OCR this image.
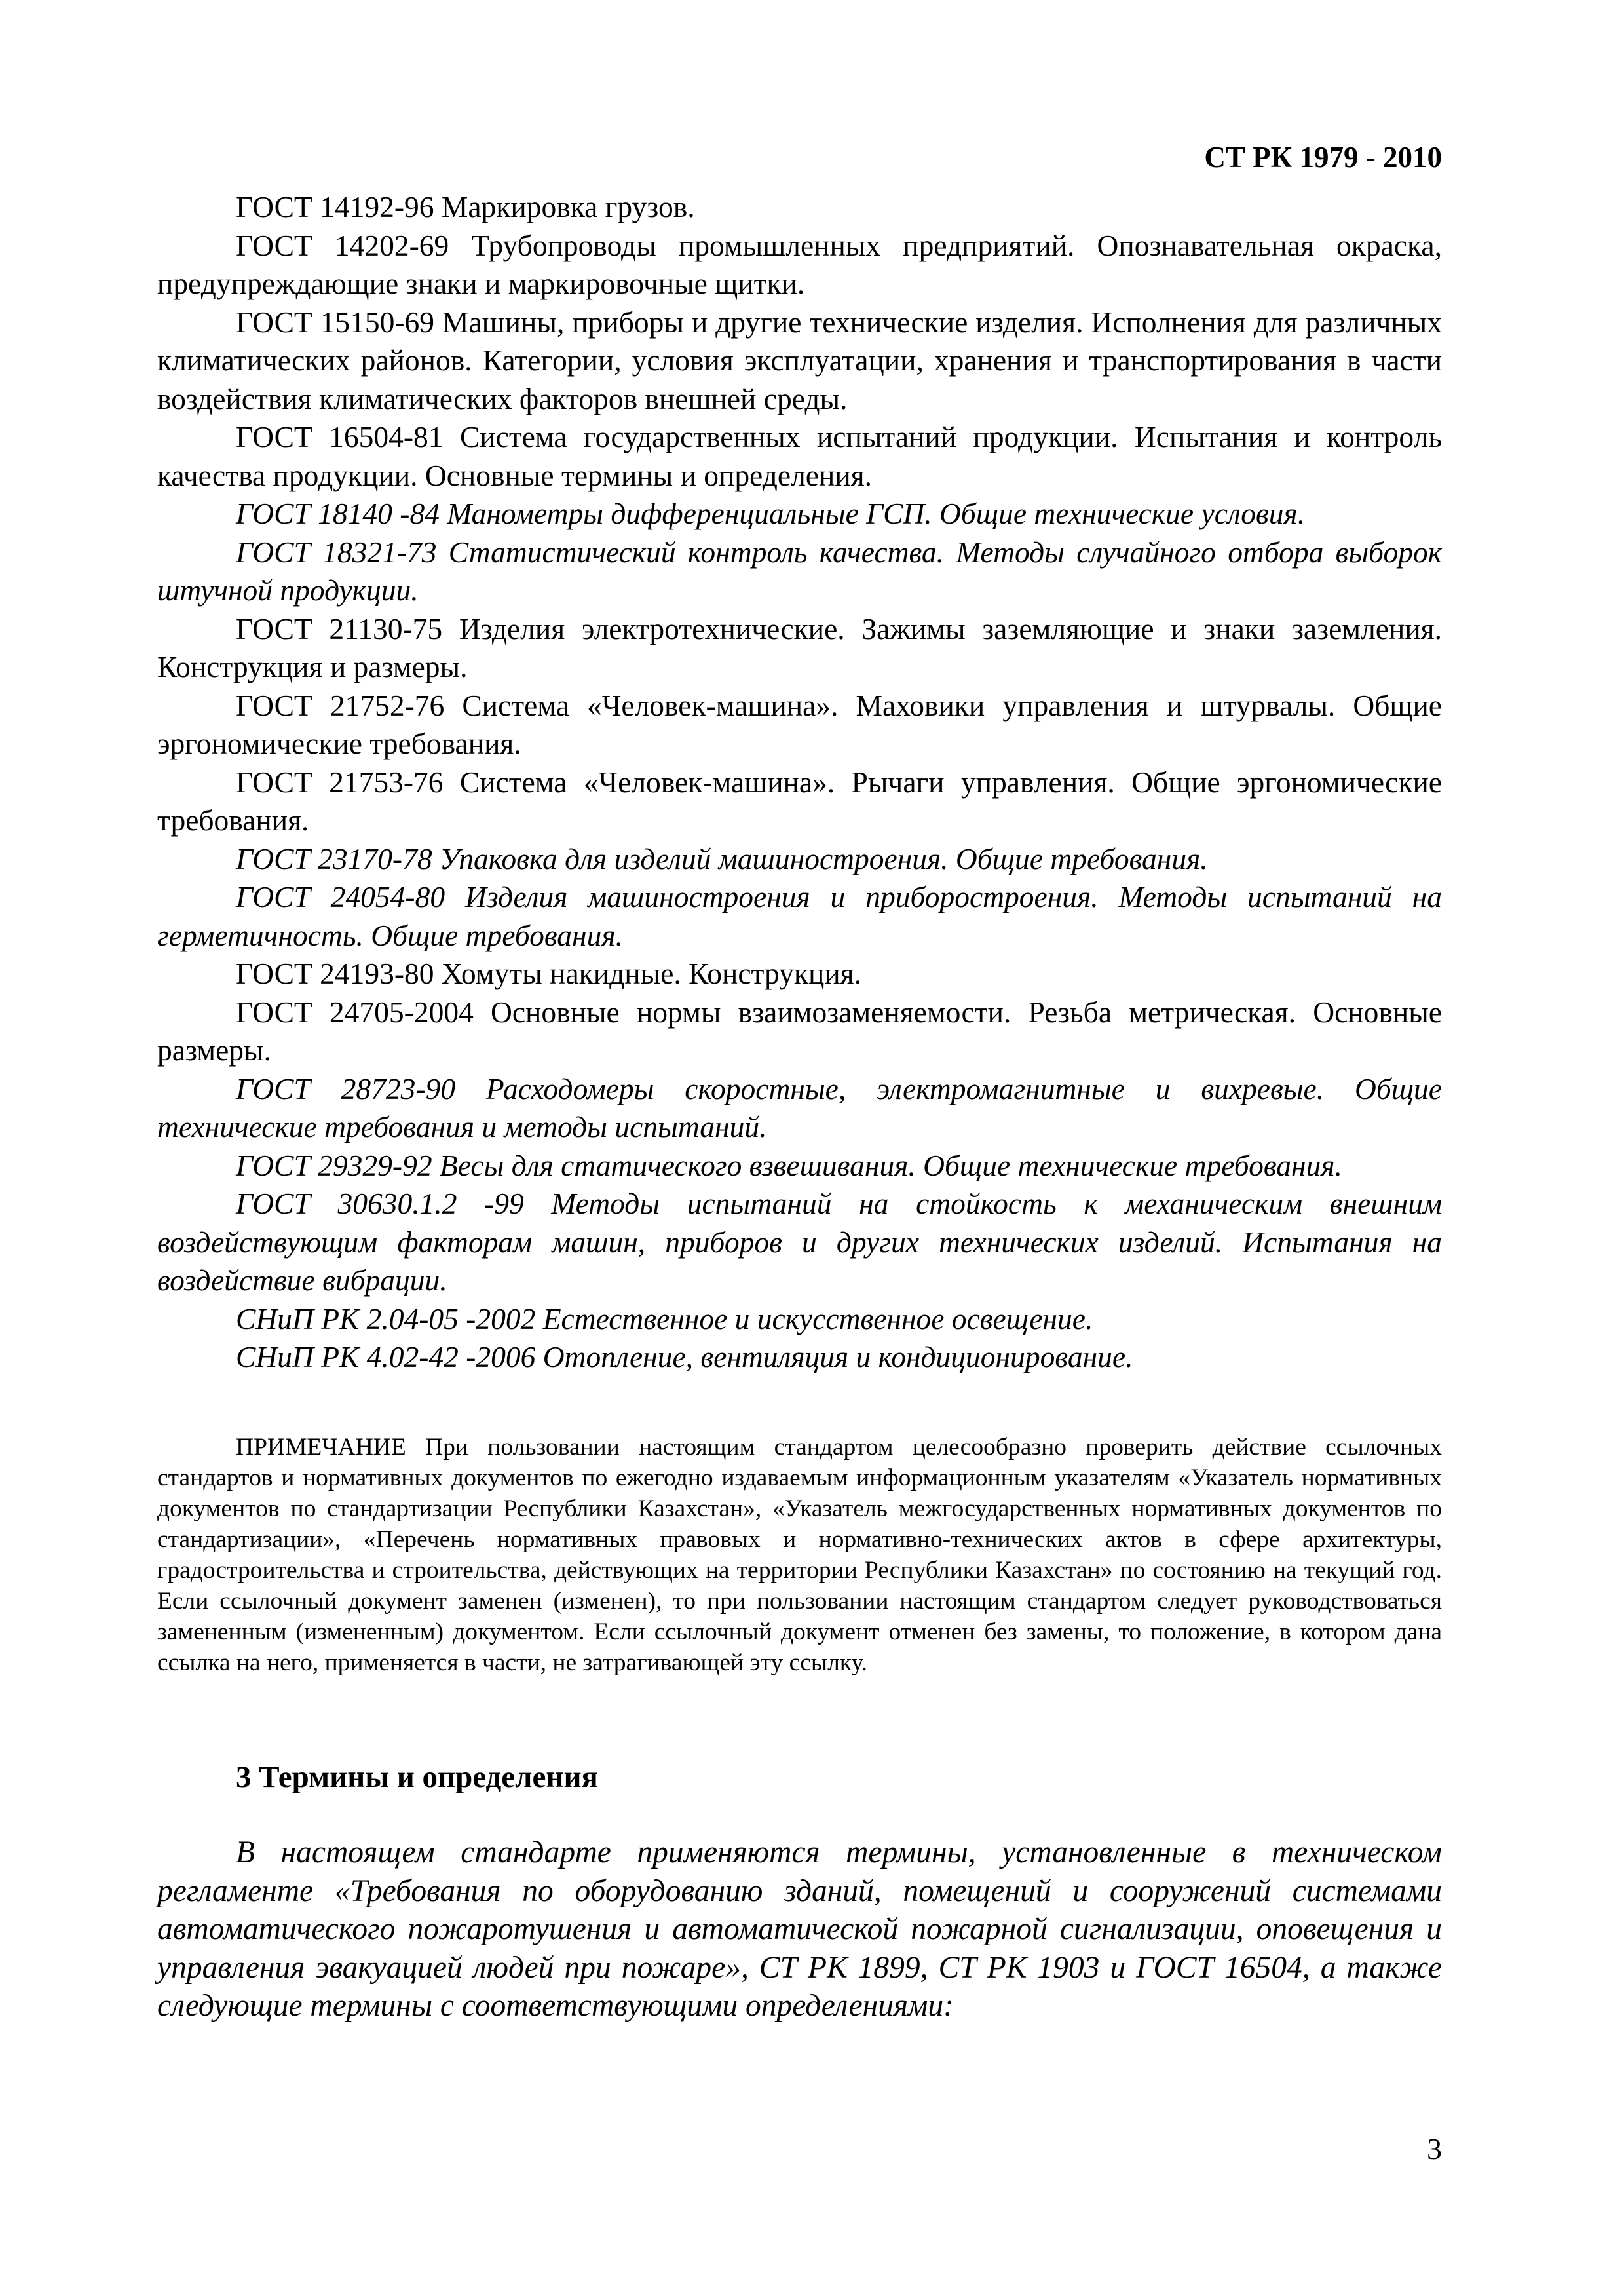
СТ РК 1979 - 2010

ГОСТ 14192-96 Маркировка грузов.

ГОСТ 14202-69 Трубопроводы промышленных предприятий. Опознавательная окраска, предупреждающие знаки и маркировочные щитки.

ГОСТ 15150-69 Машины, приборы и другие технические изделия. Исполнения для различных климатических районов. Категории, условия эксплуатации, хранения и транспортирования в части воздействия климатических факторов внешней среды.

ГОСТ 16504-81 Система государственных испытаний продукции. Испытания и контроль качества продукции. Основные термины и определения.

ГОСТ 18140 -84 Манометры дифференциальные ГСП. Общие технические условия.

ГОСТ 18321-73 Статистический контроль качества. Методы случайного отбора выборок штучной продукции.

ГОСТ 21130-75 Изделия электротехнические. Зажимы заземляющие и знаки заземления. Конструкция и размеры.

ГОСТ 21752-76 Система «Человек-машина». Маховики управления и штурвалы. Общие эргономические требования.

ГОСТ 21753-76 Система «Человек-машина». Рычаги управления. Общие эргономические требования.

ГОСТ 23170-78 Упаковка для изделий машиностроения. Общие требования.

ГОСТ 24054-80 Изделия машиностроения и приборостроения. Методы испытаний на герметичность. Общие требования.

ГОСТ 24193-80 Хомуты накидные. Конструкция.

ГОСТ 24705-2004 Основные нормы взаимозаменяемости. Резьба метрическая. Основные размеры.

ГОСТ 28723-90 Расходомеры скоростные, электромагнитные и вихревые. Общие технические требования и методы испытаний.

ГОСТ 29329-92 Весы для статического взвешивания. Общие технические требования.

ГОСТ 30630.1.2 -99 Методы испытаний на стойкость к механическим внешним воздействующим факторам машин, приборов и других технических изделий. Испытания на воздействие вибрации.

СНиП РК 2.04-05 -2002 Естественное и искусственное освещение.

СНиП РК 4.02-42 -2006 Отопление, вентиляция и кондиционирование.

ПРИМЕЧАНИЕ При пользовании настоящим стандартом целесообразно проверить действие ссылочных стандартов и нормативных документов по ежегодно издаваемым информационным указателям «Указатель нормативных документов по стандартизации Республики Казахстан», «Указатель межгосударственных нормативных документов по стандартизации», «Перечень нормативных правовых и нормативно-технических актов в сфере архитектуры, градостроительства и строительства, действующих на территории Республики Казахстан» по состоянию на текущий год. Если ссылочный документ заменен (изменен), то при пользовании настоящим стандартом следует руководствоваться замененным (измененным) документом. Если ссылочный документ отменен без замены, то положение, в котором дана ссылка на него, применяется в части, не затрагивающей эту ссылку.

3 Термины и определения

В настоящем стандарте применяются термины, установленные в техническом регламенте «Требования по оборудованию зданий, помещений и сооружений системами автоматического пожаротушения и автоматической пожарной сигнализации, оповещения и управления эвакуацией людей при пожаре», СТ РК 1899, СТ РК 1903 и ГОСТ 16504, а также следующие термины с соответствующими определениями:

3
